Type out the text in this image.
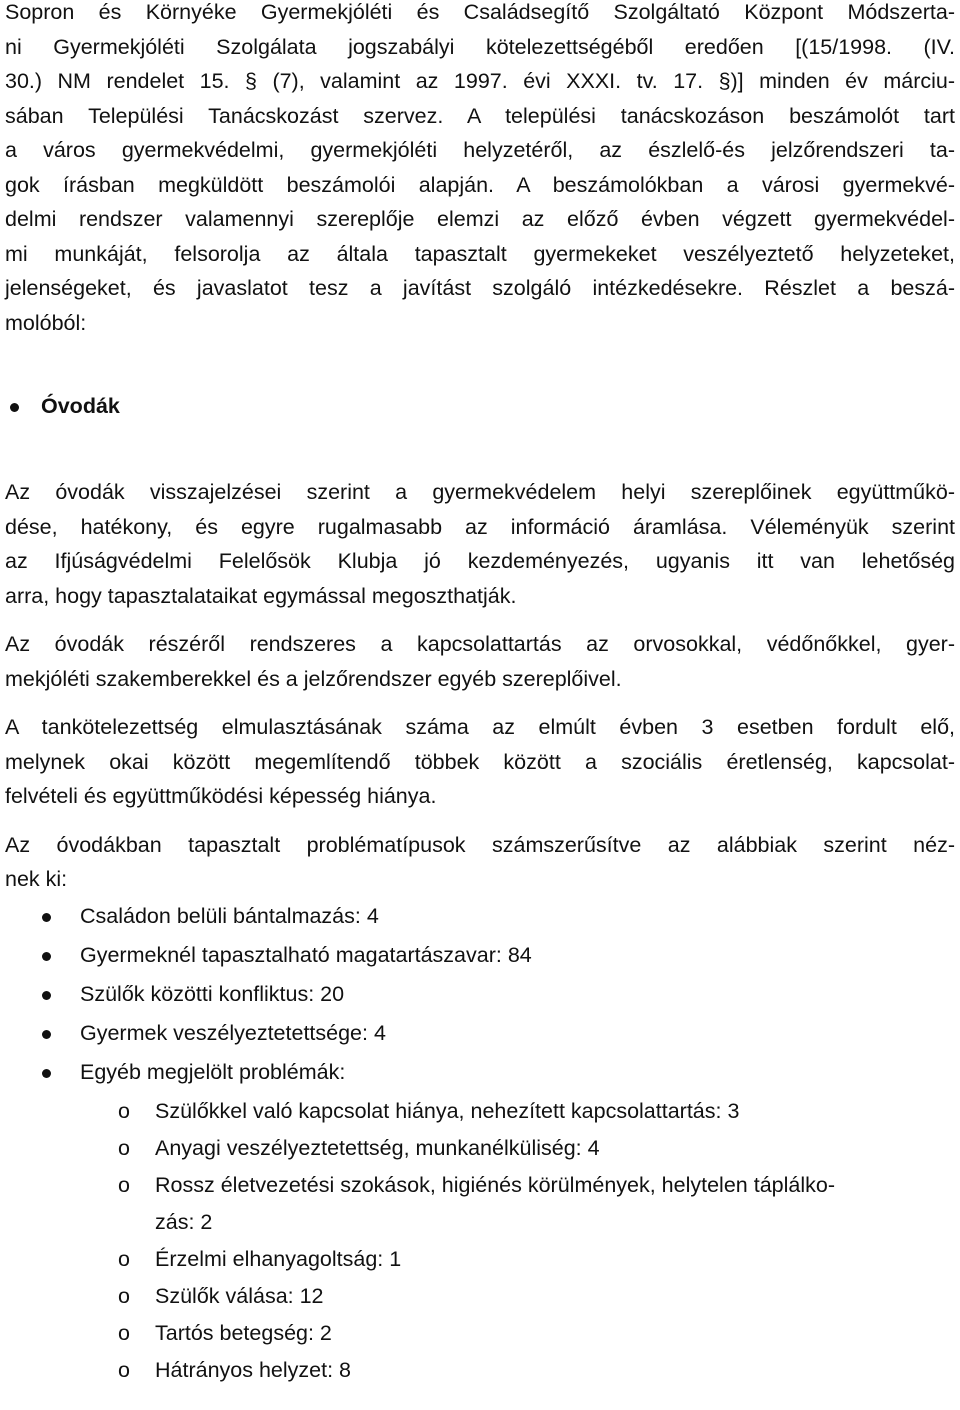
Sopron és Környéke Gyermekjóléti és Családsegítő Szolgáltató Központ Módszerta-
ni Gyermekjóléti Szolgálata jogszabályi kötelezettségéből eredően [(15/1998. (IV.
30.) NM rendelet 15. § (7), valamint az 1997. évi XXXI. tv. 17. §)] minden év márciu-
sában Települési Tanácskozást szervez. A települési tanácskozáson beszámolót tart
a város gyermekvédelmi, gyermekjóléti helyzetéről, az észlelő-és jelzőrendszeri ta-
gok írásban megküldött beszámolói alapján. A beszámolókban a városi gyermekvé-
delmi rendszer valamennyi szereplője elemzi az előző évben végzett gyermekvédel-
mi munkáját, felsorolja az általa tapasztalt gyermekeket veszélyeztető helyzeteket,
jelenségeket, és javaslatot tesz a javítást szolgáló intézkedésekre. Részlet a beszá-
molóból:
Óvodák
Az óvodák visszajelzései szerint a gyermekvédelem helyi szereplőinek együttműkö-
dése, hatékony, és egyre rugalmasabb az információ áramlása. Véleményük szerint
az Ifjúságvédelmi Felelősök Klubja jó kezdeményezés, ugyanis itt van lehetőség
arra, hogy tapasztalataikat egymással megoszthatják.
Az óvodák részéről rendszeres a kapcsolattartás az orvosokkal, védőnőkkel, gyer-
mekjóléti szakemberekkel és a jelzőrendszer egyéb szereplőivel.
A tankötelezettség elmulasztásának száma az elmúlt évben 3 esetben fordult elő,
melynek okai között megemlítendő többek között a szociális éretlenség, kapcsolat-
felvételi és együttműködési képesség hiánya.
Az óvodákban tapasztalt problématípusok számszerűsítve az alábbiak szerint néz-
nek ki:
Családon belüli bántalmazás: 4
Gyermeknél tapasztalható magatartászavar: 84
Szülők közötti konfliktus: 20
Gyermek veszélyeztetettsége: 4
Egyéb megjelölt problémák:
o Szülőkkel való kapcsolat hiánya, nehezített kapcsolattartás: 3
o Anyagi veszélyeztetettség, munkanélküliség: 4
o Rossz életvezetési szokások, higiénés körülmények, helytelen táplálko-
zás: 2
o Érzelmi elhanyagoltság: 1
o Szülők válása: 12
o Tartós betegség: 2
o Hátrányos helyzet: 8
